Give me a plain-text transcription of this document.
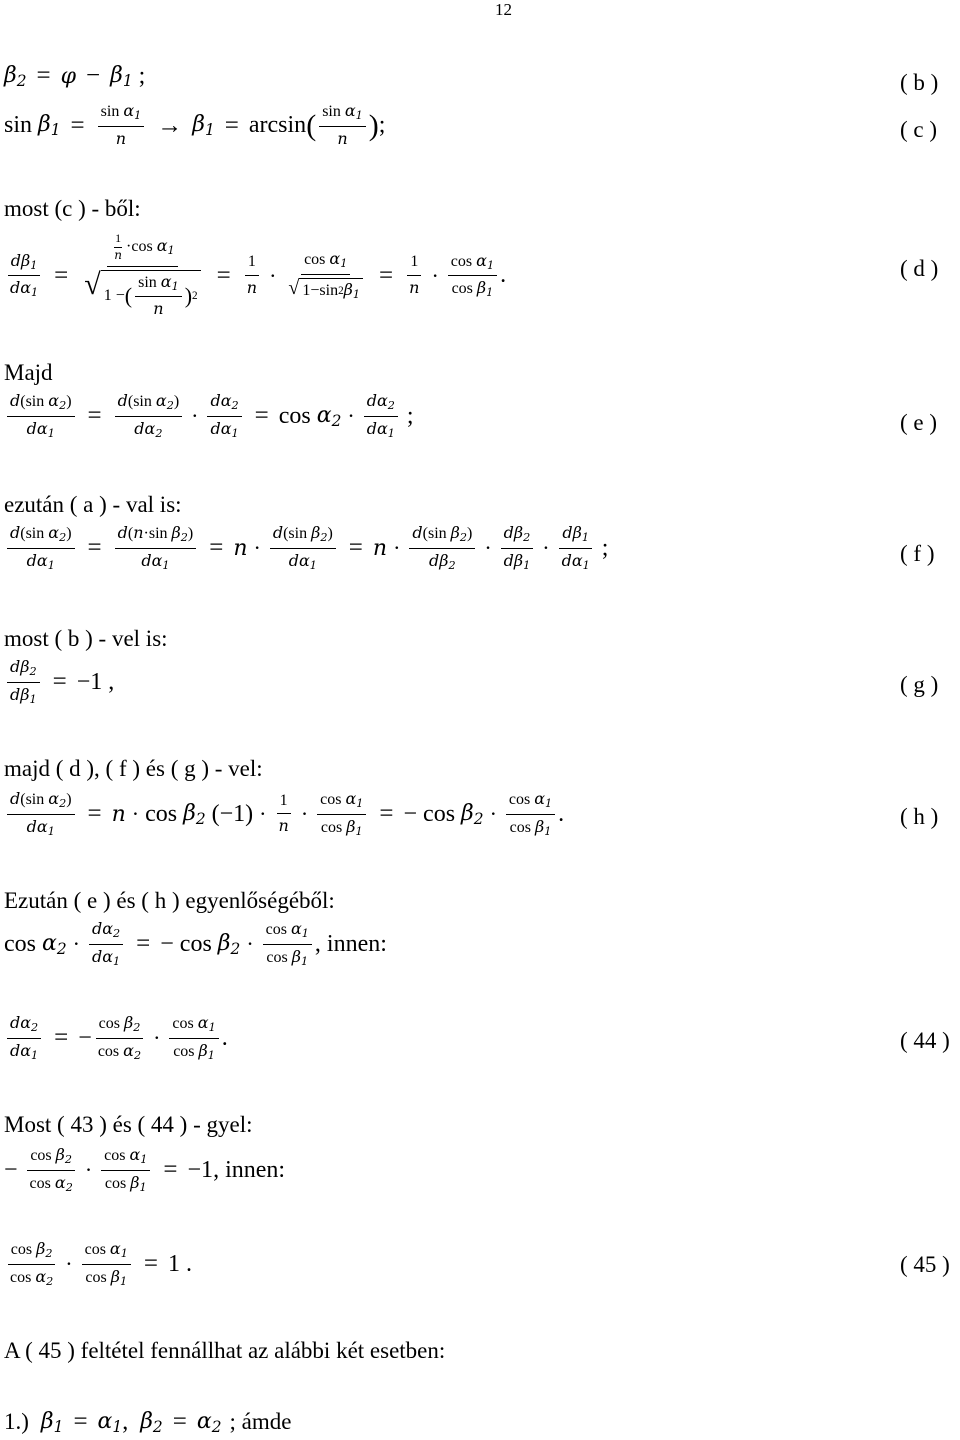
12
β2 = φ − β1 ;	( b )
$\sin \beta 1 = \frac{\text{sin α1}}{n} \to \beta 1 = \arcsin$ ( $\frac{\text{sin α1}}{n}$ ) ;	( c )
most (c ) - ből:
$\frac{d\beta 1}{d\alpha 1} = \frac{\frac{1}{n} \cdot\cos \alpha 1}{√ 1 - ( \frac{\text{sin α1}}{n} ) 2} = \frac{1}{n} \cdot \frac{\text{cos α1}}{√ 1-\sin 2 \beta 1} = \frac{1}{n} \cdot \frac{\text{cos α1}}{\text{cos β1}}$ .	( d )
Majd
$\frac{\text{d(sin α2)}}{d\alpha 1} = \frac{\text{d(sin α2)}}{d\alpha 2} \cdot \frac{d\alpha 2}{d\alpha 1} = \cos \alpha 2 \cdot \frac{d\alpha 2}{d\alpha 1}$ ;	( e )
ezután ( a ) - val is:
$\frac{\text{d(sin α2)}}{d\alpha 1} = \frac{\text{d(n·sin β2)}}{d\alpha 1} = n \cdot \frac{\text{d(sin β2)}}{d\alpha 1} = n \cdot \frac{\text{d(sin β2)}}{d\beta 2} \cdot \frac{d\beta 2}{d\beta 1} \cdot \frac{d\beta 1}{d\alpha 1}$ ;	( f )
most ( b ) - vel is:
$\frac{d\beta 2}{d\beta 1} = -1$ ,	( g )
majd ( d ), ( f ) és ( g ) - vel:
$\frac{\text{d(sin α2)}}{d\alpha 1} = n \cdot \cos \beta 2$ $(-1) \cdot \frac{1}{n} \cdot \frac{\text{cos α1}}{\text{cos β1}}$ = − $\cos \beta 2 \cdot \frac{\text{cos α1}}{\text{cos β1}}$ .	( h )
Ezután ( e ) és ( h ) egyenlőségéből:
$\cos \alpha 2 \cdot \frac{d\alpha 2}{d\alpha 1}$ = − $\cos \beta 2 \cdot \frac{\text{cos α1}}{\text{cos β1}}$ , innen:
$\frac{d\alpha 2}{d\alpha 1}$ = − $\frac{\text{cos β2}}{\text{cos α2}} \cdot \frac{\text{cos α1}}{\text{cos β1}}$ .	( 44 )
Most ( 43 ) és ( 44 ) - gyel:
− $\frac{\text{cos β2}}{\text{cos α2}} \cdot \frac{\text{cos α1}}{\text{cos β1}} = -1$ , innen:
$\frac{\text{cos β2}}{\text{cos α2}} \cdot \frac{\text{cos α1}}{\text{cos β1}} = 1$ .	( 45 )
A ( 45 ) feltétel fennállhat az alábbi két esetben:
1.)
β1 = α1 , β2 = α2 ; ámde
